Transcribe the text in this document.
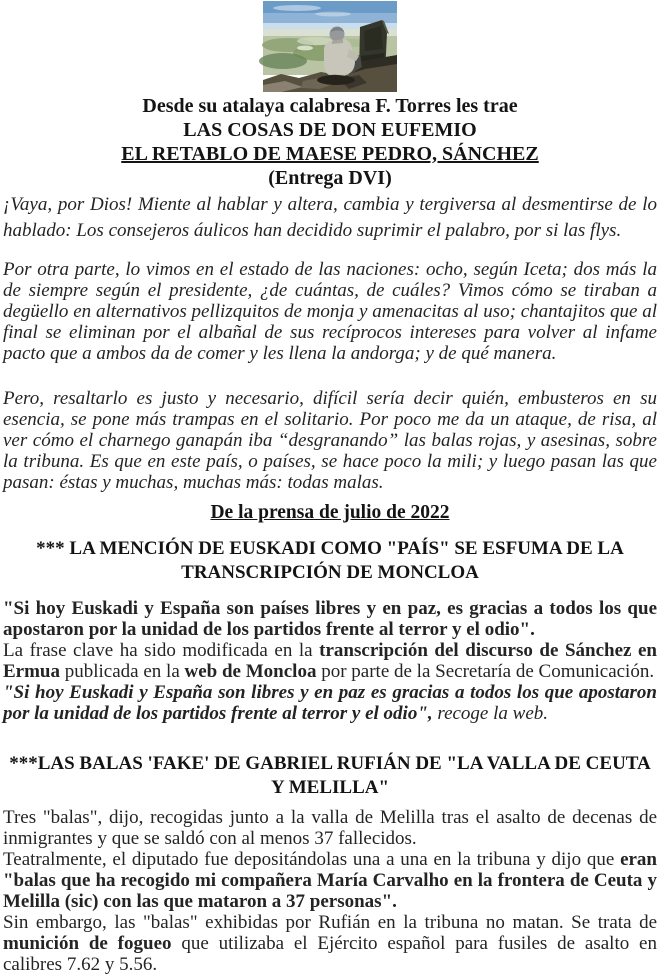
Desde su atalaya calabresa F. Torres les trae
LAS COSAS DE DON EUFEMIO
EL RETABLO DE MAESE PEDRO, SÁNCHEZ
(Entrega DVI)

¡Vaya, por Dios! Miente al hablar y altera, cambia y tergiversa al desmentirse de lo hablado: Los consejeros áulicos han decidido suprimir el palabro, por si las flys.

Por otra parte, lo vimos en el estado de las naciones: ocho, según Iceta; dos más la de siempre según el presidente, ¿de cuántas, de cuáles? Vimos cómo se tiraban a degüello en alternativos pellizquitos de monja y amenacitas al uso; chantajitos que al final se eliminan por el albañal de sus recíprocos intereses para volver al infame pacto que a ambos da de comer y les llena la andorga; y de qué manera.

Pero, resaltarlo es justo y necesario, difícil sería decir quién, embusteros en su esencia, se pone más trampas en el solitario. Por poco me da un ataque, de risa, al ver cómo el charnego ganapán iba “desgranando” las balas rojas, y asesinas, sobre la tribuna. Es que en este país, o países, se hace poco la mili; y luego pasan las que pasan: éstas y muchas, muchas más: todas malas.

De la prensa de julio de 2022
*** LA MENCIÓN DE EUSKADI COMO "PAÍS" SE ESFUMA DE LA TRANSCRIPCIÓN DE MONCLOA

"Si hoy Euskadi y España son países libres y en paz, es gracias a todos los que apostaron por la unidad de los partidos frente al terror y el odio".

La frase clave ha sido modificada en la transcripción del discurso de Sánchez en Ermua publicada en la web de Moncloa por parte de la Secretaría de Comunicación.

"Si hoy Euskadi y España son libres y en paz es gracias a todos los que apostaron por la unidad de los partidos frente al terror y el odio", recoge la web.

***LAS BALAS 'FAKE' DE GABRIEL RUFIÁN DE "LA VALLA DE CEUTA Y MELILLA"

Tres "balas", dijo, recogidas junto a la valla de Melilla tras el asalto de decenas de inmigrantes y que se saldó con al menos 37 fallecidos.

Teatralmente, el diputado fue depositándolas una a una en la tribuna y dijo que eran "balas que ha recogido mi compañera María Carvalho en la frontera de Ceuta y Melilla (sic) con las que mataron a 37 personas".

Sin embargo, las "balas" exhibidas por Rufián en la tribuna no matan. Se trata de munición de fogueo que utilizaba el Ejército español para fusiles de asalto en calibres 7.62 y 5.56.
